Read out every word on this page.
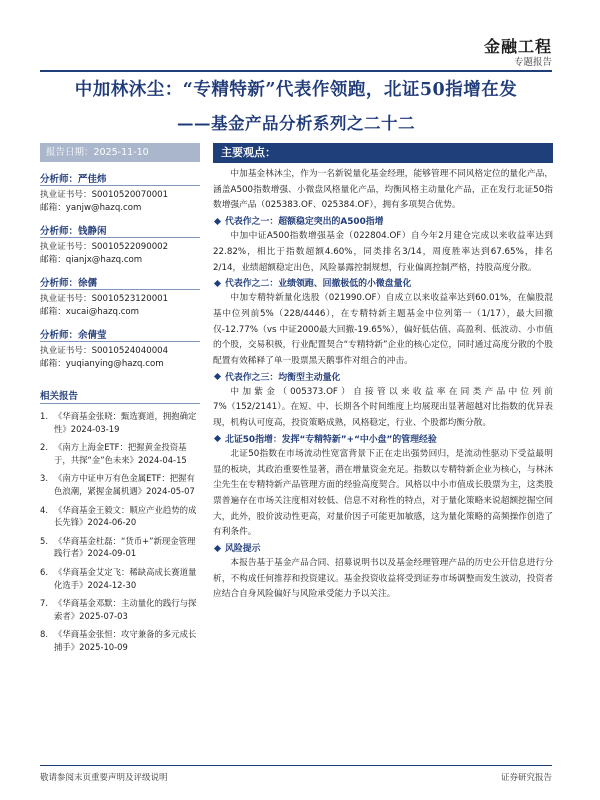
金融工程
专题报告
中加林沐尘：“专精特新”代表作领跑，北证50指增在发
——基金产品分析系列之二十二
报告日期：2025-11-10
分析师：严佳炜
执业证书号：S0010520070001
邮箱：yanjw@hazq.com
分析师：钱静闲
执业证书号：S0010522090002
邮箱：qianjx@hazq.com
分析师：徐儒
执业证书号：S0010523120001
邮箱：xucai@hazq.com
分析师：余倩莹
执业证书号：S0010524040004
邮箱：yuqianying@hazq.com
相关报告
1. 《华商基金张晓：甄选赛道，拥抱确定性》2024-03-19
2. 《南方上海金ETF：把握黄金投资基于，共探“金”色未来》2024-04-15
3. 《南方中证申万有色金属ETF：把握有色浪潮，紧握金属机遇》2024-05-07
4. 《华商基金王毅文：顺应产业趋势的成长先锋》2024-06-20
5. 《华商基金杜磊：“货币+”新现金管理践行者》2024-09-01
6. 《华商基金艾定飞：稀缺高成长赛道量化选手》2024-12-30
7. 《华商基金邓默：主动量化的践行与探索者》2025-07-03
8. 《华商基金张恒：攻守兼备的多元成长捕手》2025-10-09
主要观点：

中加基金林沐尘，作为一名新锐量化基金经理，能够管理不同风格定位的量化产品，涵盖A500指数增强、小微盘风格量化产品，均衡风格主动量化产品，正在发行北证50指数增强产品（025383.OF、025384.OF），拥有多项契合优势。

代表作之一：超额稳定突出的A500指增

中加中证A500指数增强基金（022804.OF）自今年2月建仓完成以来收益率达到22.82%，相比于指数超额4.60%，同类排名3/14，周度胜率达到67.65%，排名2/14，业绩超额稳定出色，风险暴露控制规想，行业偏离控制严格，持股高度分散。

代表作之二：业绩领跑、回撤极低的小微盘量化

中加专精特新量化选股（021990.OF）自成立以来收益率达到60.01%，在偏股混基中位列前5%（228/4446），在专精特新主题基金中位列第一（1/17），最大回撤仅-12.77%（vs 中证2000最大回撤-19.65%），偏好低估值、高盈利、低波动、小市值的个股，交易积极，行业配置契合“专精特新”企业的核心定位，同时通过高度分散的个股配置有效稀释了单一股票黑天鹅事件对组合的冲击。

代表作之三：均衡型主动量化

中加紫金（005373.OF）自接管以来收益率在同类产品中位列前7%（152/2141）。在短、中、长期各个时间维度上均展现出显著超越对比指数的优异表现，机构认可度高，投资策略成熟，风格稳定，行业、个股都均衡分散。

北证50指增：发挥“专精特新”+“中小盘”的管理经验

北证50指数在市场流动性宽富背景下正在走出强势回归，是流动性驱动下受益最明显的板块，其政治重要性显著，潜在增量资金充足。指数以专精特新企业为核心，与林沐尘先生在专精特新产品管理方面的经验高度契合。风格以中小市值成长股票为主，这类股票普遍存在市场关注度相对较低、信息不对称性的特点，对于量化策略来说超额挖掘空间大，此外，股价波动性更高，对量价因子可能更加敏感，这为量化策略的高频操作创造了有利条件。

风险提示

本报告基于基金产品合同、招募说明书以及基金经理管理产品的历史公开信息进行分析，不构成任何推荐和投资建议。基金投资收益将受到证券市场调整而发生波动，投资者应结合自身风险偏好与风险承受能力予以关注。

敬请参阅末页重要声明及评级说明	证券研究报告
